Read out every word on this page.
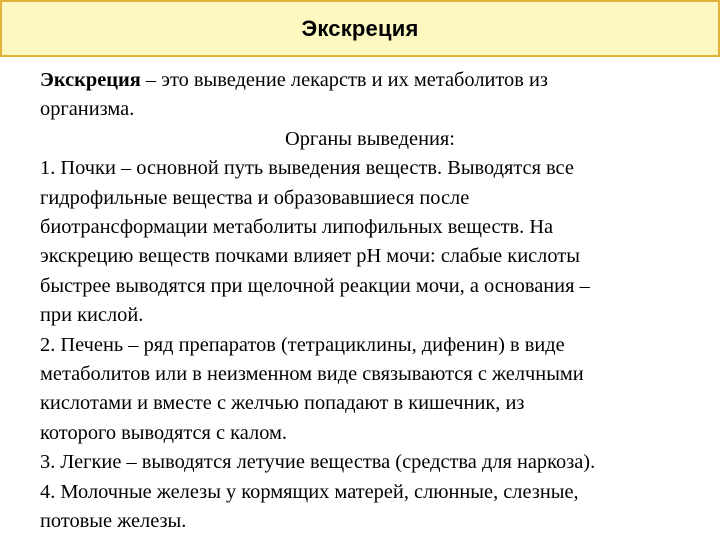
Экскреция
Экскреция – это выведение лекарств и их метаболитов из
организма.
Органы выведения:
1. Почки – основной путь выведения веществ. Выводятся все
гидрофильные вещества и образовавшиеся после
биотрансформации метаболиты липофильных веществ. На
экскрецию веществ почками влияет рН мочи: слабые кислоты
быстрее выводятся при щелочной реакции мочи, а основания –
при кислой.
2. Печень – ряд препаратов (тетрациклины, дифенин) в виде
метаболитов или в неизменном виде связываются с желчными
кислотами и вместе с желчью попадают в кишечник, из
которого выводятся с калом.
3. Легкие – выводятся летучие вещества (средства для наркоза).
4. Молочные железы у кормящих матерей, слюнные, слезные,
потовые железы.
